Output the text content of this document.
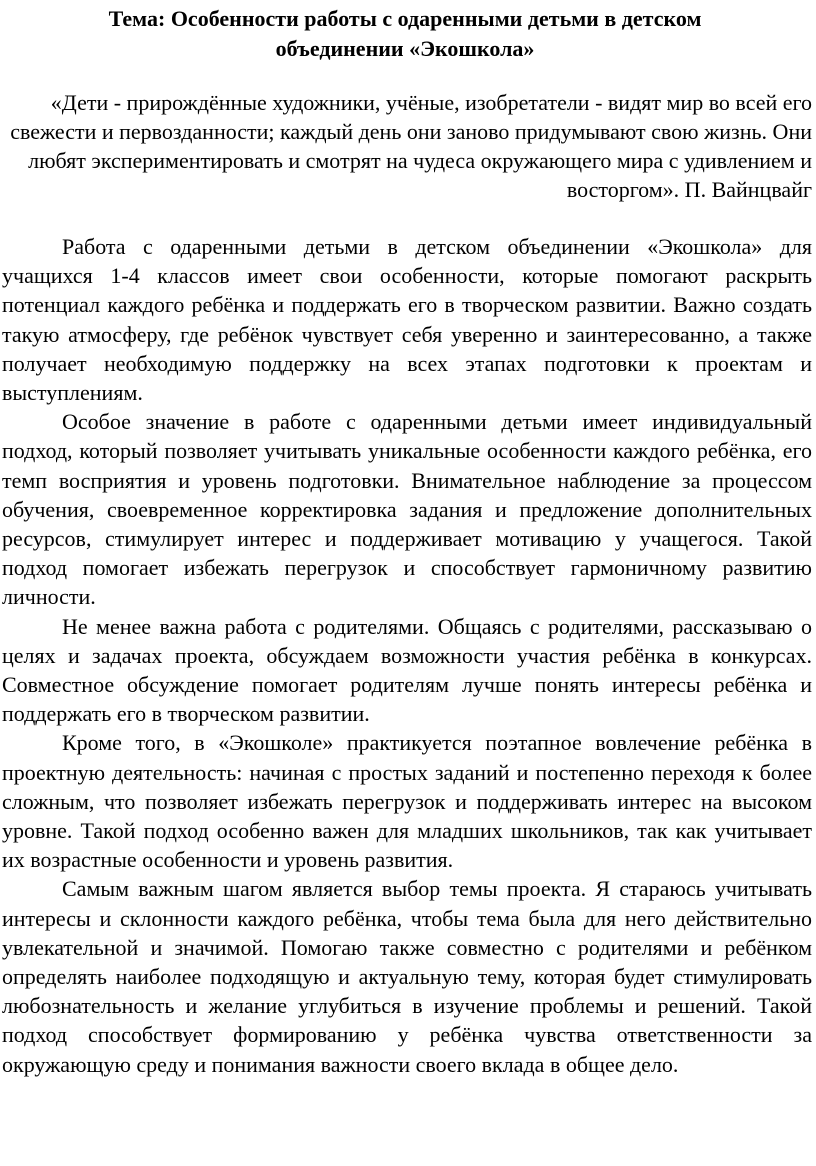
Тема: Особенности работы с одаренными детьми в детском объединении «Экошкола»

«Дети - прирождённые художники, учёные, изобретатели - видят мир во всей его свежести и первозданности; каждый день они заново придумывают свою жизнь. Они любят экспериментировать и смотрят на чудеса окружающего мира с удивлением и восторгом». П. Вайнцвайг

Работа с одаренными детьми в детском объединении «Экошкола» для учащихся 1-4 классов имеет свои особенности, которые помогают раскрыть потенциал каждого ребёнка и поддержать его в творческом развитии. Важно создать такую атмосферу, где ребёнок чувствует себя уверенно и заинтересованно, а также получает необходимую поддержку на всех этапах подготовки к проектам и выступлениям.

Особое значение в работе с одаренными детьми имеет индивидуальный подход, который позволяет учитывать уникальные особенности каждого ребёнка, его темп восприятия и уровень подготовки. Внимательное наблюдение за процессом обучения, своевременное корректировка задания и предложение дополнительных ресурсов, стимулирует интерес и поддерживает мотивацию у учащегося. Такой подход помогает избежать перегрузок и способствует гармоничному развитию личности.

Не менее важна работа с родителями. Общаясь с родителями, рассказываю о целях и задачах проекта, обсуждаем возможности участия ребёнка в конкурсах. Совместное обсуждение помогает родителям лучше понять интересы ребёнка и поддержать его в творческом развитии.

Кроме того, в «Экошколе» практикуется поэтапное вовлечение ребёнка в проектную деятельность: начиная с простых заданий и постепенно переходя к более сложным, что позволяет избежать перегрузок и поддерживать интерес на высоком уровне. Такой подход особенно важен для младших школьников, так как учитывает их возрастные особенности и уровень развития.

Самым важным шагом является выбор темы проекта. Я стараюсь учитывать интересы и склонности каждого ребёнка, чтобы тема была для него действительно увлекательной и значимой. Помогаю также совместно с родителями и ребёнком определять наиболее подходящую и актуальную тему, которая будет стимулировать любознательность и желание углубиться в изучение проблемы и решений. Такой подход способствует формированию у ребёнка чувства ответственности за окружающую среду и понимания важности своего вклада в общее дело.
